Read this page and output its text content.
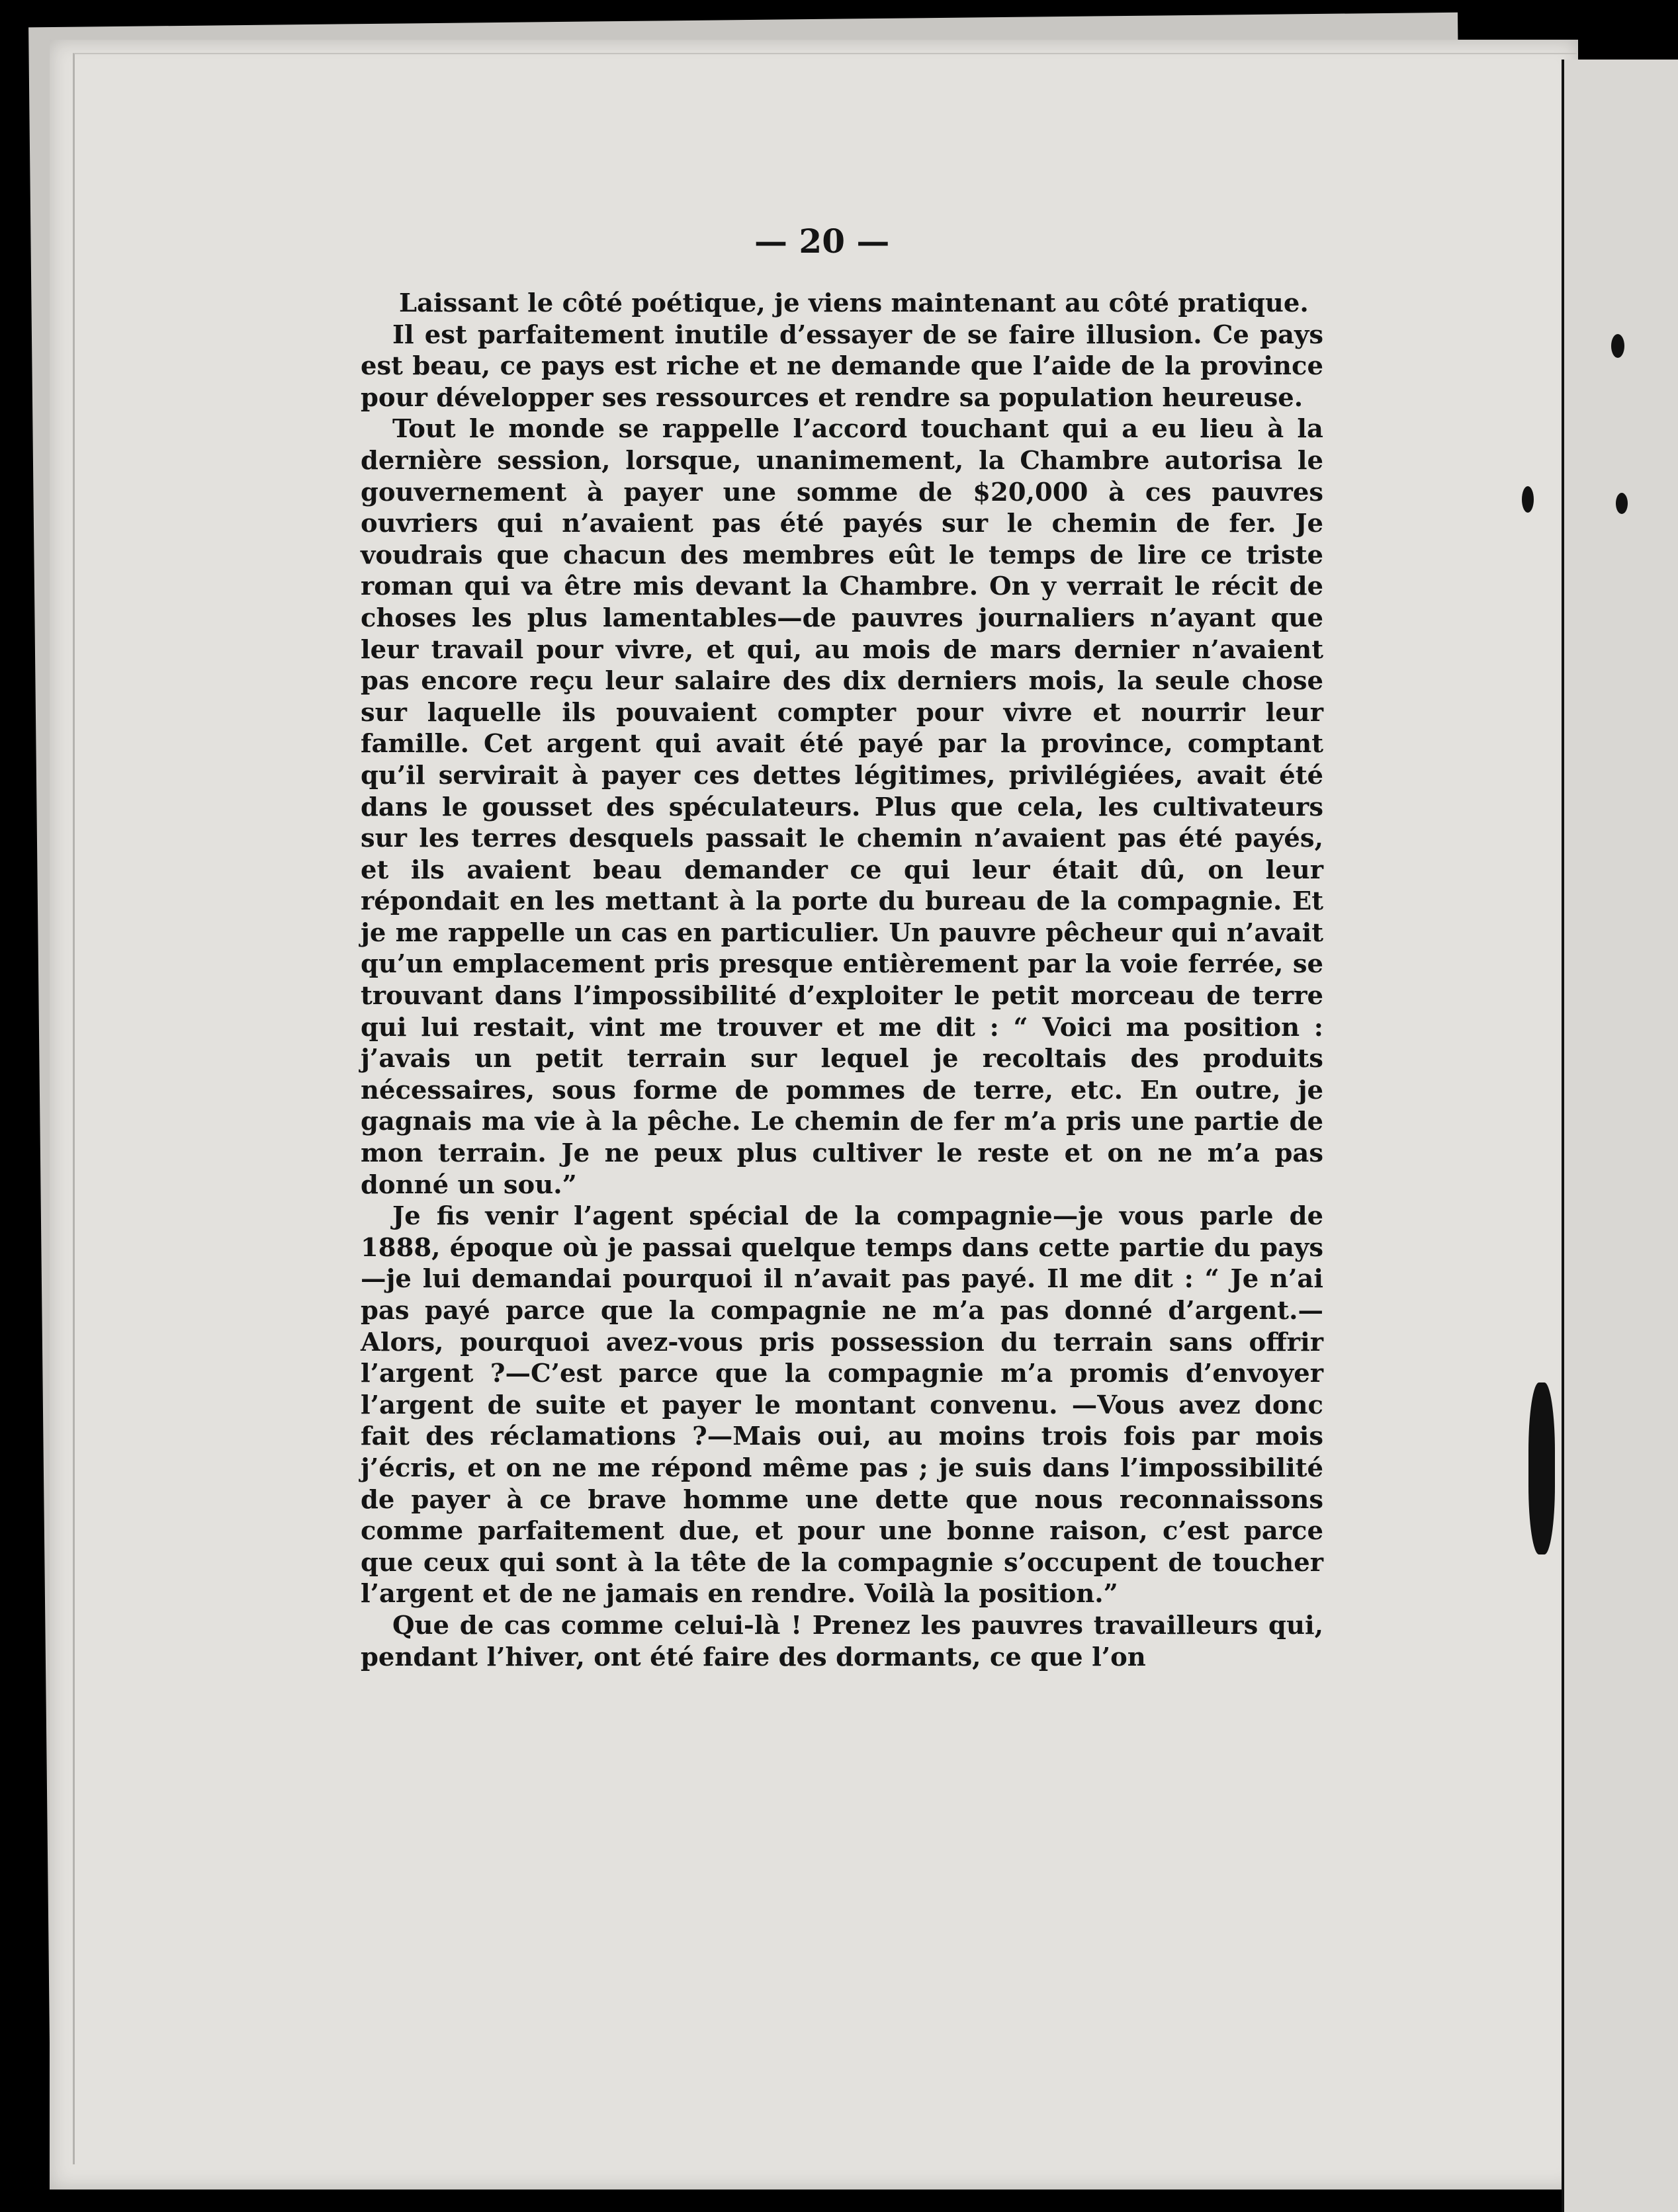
— 20 —

Laissant le côté poétique, je viens maintenant au côté pratique.

Il est parfaitement inutile d’essayer de se faire illusion. Ce pays est beau, ce pays est riche et ne demande que l’aide de la province pour développer ses ressources et rendre sa population heureuse.

Tout le monde se rappelle l’accord touchant qui a eu lieu à la dernière session, lorsque, unanimement, la Chambre autorisa le gouvernement à payer une somme de $20,000 à ces pauvres ouvriers qui n’avaient pas été payés sur le chemin de fer. Je voudrais que chacun des membres eût le temps de lire ce triste roman qui va être mis devant la Chambre. On y verrait le récit de choses les plus lamentables—de pauvres journaliers n’ayant que leur travail pour vivre, et qui, au mois de mars dernier n’avaient pas encore reçu leur salaire des dix derniers mois, la seule chose sur laquelle ils pouvaient compter pour vivre et nourrir leur famille. Cet argent qui avait été payé par la province, comptant qu’il servirait à payer ces dettes légitimes, privilégiées, avait été dans le gousset des spéculateurs. Plus que cela, les cultivateurs sur les terres desquels passait le chemin n’avaient pas été payés, et ils avaient beau demander ce qui leur était dû, on leur répondait en les mettant à la porte du bureau de la compagnie. Et je me rappelle un cas en particulier. Un pauvre pêcheur qui n’avait qu’un emplacement pris presque entièrement par la voie ferrée, se trouvant dans l’impossibilité d’exploiter le petit morceau de terre qui lui restait, vint me trouver et me dit : “ Voici ma position : j’avais un petit terrain sur lequel je recoltais des produits nécessaires, sous forme de pommes de terre, etc. En outre, je gagnais ma vie à la pêche. Le chemin de fer m’a pris une partie de mon terrain. Je ne peux plus cultiver le reste et on ne m’a pas donné un sou.”

Je fis venir l’agent spécial de la compagnie—je vous parle de 1888, époque où je passai quelque temps dans cette partie du pays—je lui demandai pourquoi il n’avait pas payé. Il me dit : “ Je n’ai pas payé parce que la compagnie ne m’a pas donné d’argent.—Alors, pourquoi avez-vous pris possession du terrain sans offrir l’argent ?—C’est parce que la compagnie m’a promis d’envoyer l’argent de suite et payer le montant convenu. —Vous avez donc fait des réclamations ?—Mais oui, au moins trois fois par mois j’écris, et on ne me répond même pas ; je suis dans l’impossibilité de payer à ce brave homme une dette que nous reconnaissons comme parfaitement due, et pour une bonne raison, c’est parce que ceux qui sont à la tête de la compagnie s’occupent de toucher l’argent et de ne jamais en rendre. Voilà la position.”

Que de cas comme celui-là ! Prenez les pauvres travailleurs qui, pendant l’hiver, ont été faire des dormants, ce que l’on
